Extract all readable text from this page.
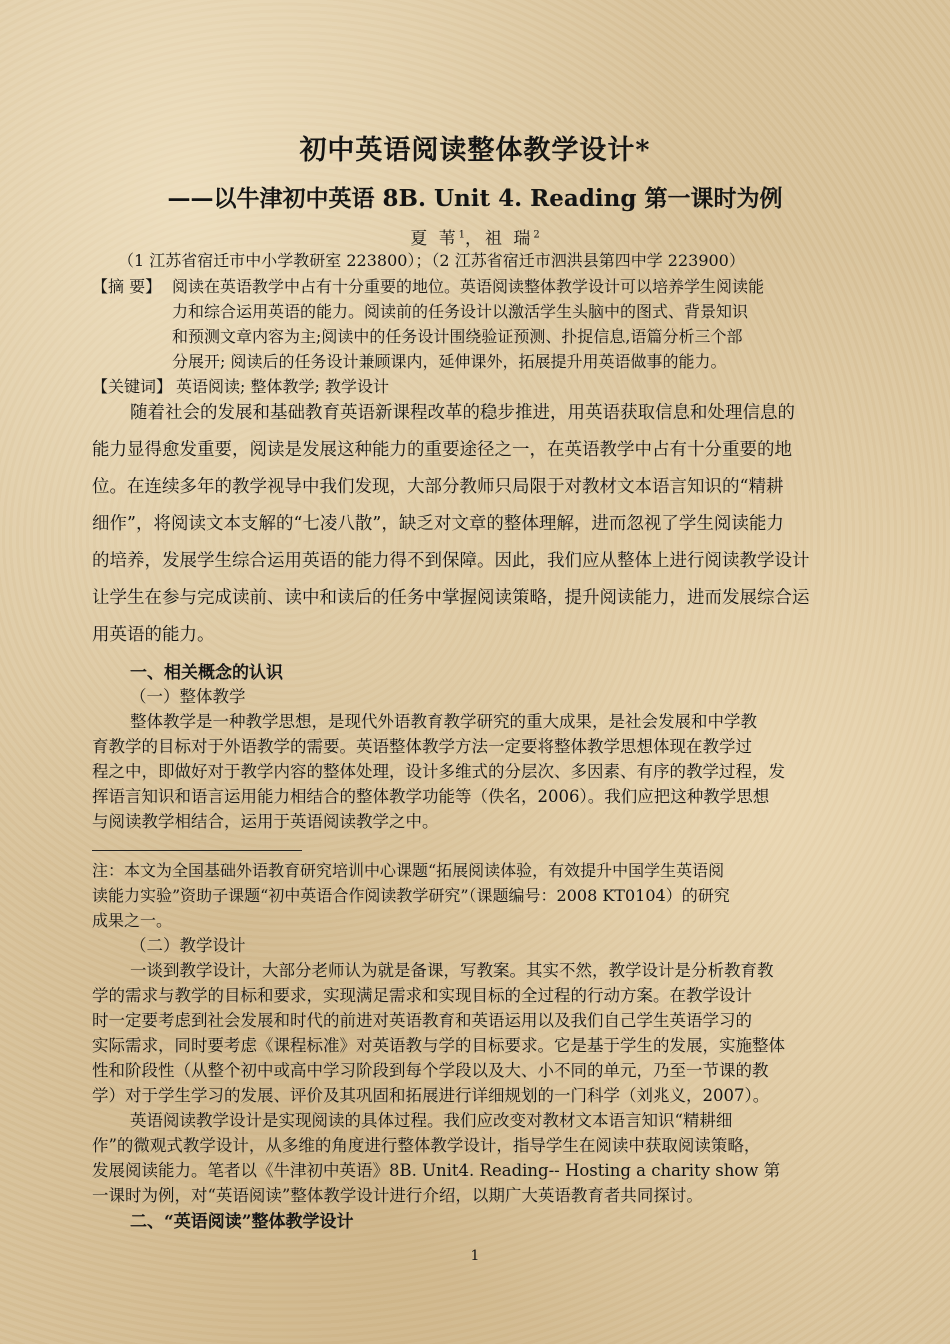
初中英语阅读整体教学设计*
——以牛津初中英语 8B. Unit 4. Reading 第一课时为例
夏 苇$^1$，祖 瑞$^2$
（1 江苏省宿迁市中小学教研室 223800）；（2 江苏省宿迁市泗洪县第四中学 223900）
【摘 要】 阅读在英语教学中占有十分重要的地位。英语阅读整体教学设计可以培养学生阅读能
力和综合运用英语的能力。阅读前的任务设计以激活学生头脑中的图式、背景知识
和预测文章内容为主;阅读中的任务设计围绕验证预测、扑捉信息,语篇分析三个部
分展开; 阅读后的任务设计兼顾课内，延伸课外，拓展提升用英语做事的能力。
【关键词】 英语阅读; 整体教学; 教学设计
随着社会的发展和基础教育英语新课程改革的稳步推进，用英语获取信息和处理信息的
能力显得愈发重要，阅读是发展这种能力的重要途径之一，在英语教学中占有十分重要的地
位。在连续多年的教学视导中我们发现，大部分教师只局限于对教材文本语言知识的“精耕
细作”，将阅读文本支解的“七凌八散”，缺乏对文章的整体理解，进而忽视了学生阅读能力
的培养，发展学生综合运用英语的能力得不到保障。因此，我们应从整体上进行阅读教学设计
让学生在参与完成读前、读中和读后的任务中掌握阅读策略，提升阅读能力，进而发展综合运
用英语的能力。
一、相关概念的认识
（一）整体教学
整体教学是一种教学思想，是现代外语教育教学研究的重大成果，是社会发展和中学教
育教学的目标对于外语教学的需要。英语整体教学方法一定要将整体教学思想体现在教学过
程之中，即做好对于教学内容的整体处理，设计多维式的分层次、多因素、有序的教学过程，发
挥语言知识和语言运用能力相结合的整体教学功能等（佚名，2006）。我们应把这种教学思想
与阅读教学相结合，运用于英语阅读教学之中。
注：本文为全国基础外语教育研究培训中心课题“拓展阅读体验，有效提升中国学生英语阅
读能力实验”资助子课题“初中英语合作阅读教学研究”（课题编号：2008 KT0104）的研究
成果之一。
（二）教学设计
一谈到教学设计，大部分老师认为就是备课，写教案。其实不然，教学设计是分析教育教
学的需求与教学的目标和要求，实现满足需求和实现目标的全过程的行动方案。在教学设计
时一定要考虑到社会发展和时代的前进对英语教育和英语运用以及我们自己学生英语学习的
实际需求，同时要考虑《课程标准》对英语教与学的目标要求。它是基于学生的发展，实施整体
性和阶段性（从整个初中或高中学习阶段到每个学段以及大、小不同的单元，乃至一节课的教
学）对于学生学习的发展、评价及其巩固和拓展进行详细规划的一门科学（刘兆义，2007）。
英语阅读教学设计是实现阅读的具体过程。我们应改变对教材文本语言知识“精耕细
作”的微观式教学设计，从多维的角度进行整体教学设计，指导学生在阅读中获取阅读策略，
发展阅读能力。笔者以《牛津初中英语》8B. Unit4. Reading-- Hosting a charity show 第
一课时为例，对“英语阅读”整体教学设计进行介绍，以期广大英语教育者共同探讨。
二、“英语阅读”整体教学设计
1
